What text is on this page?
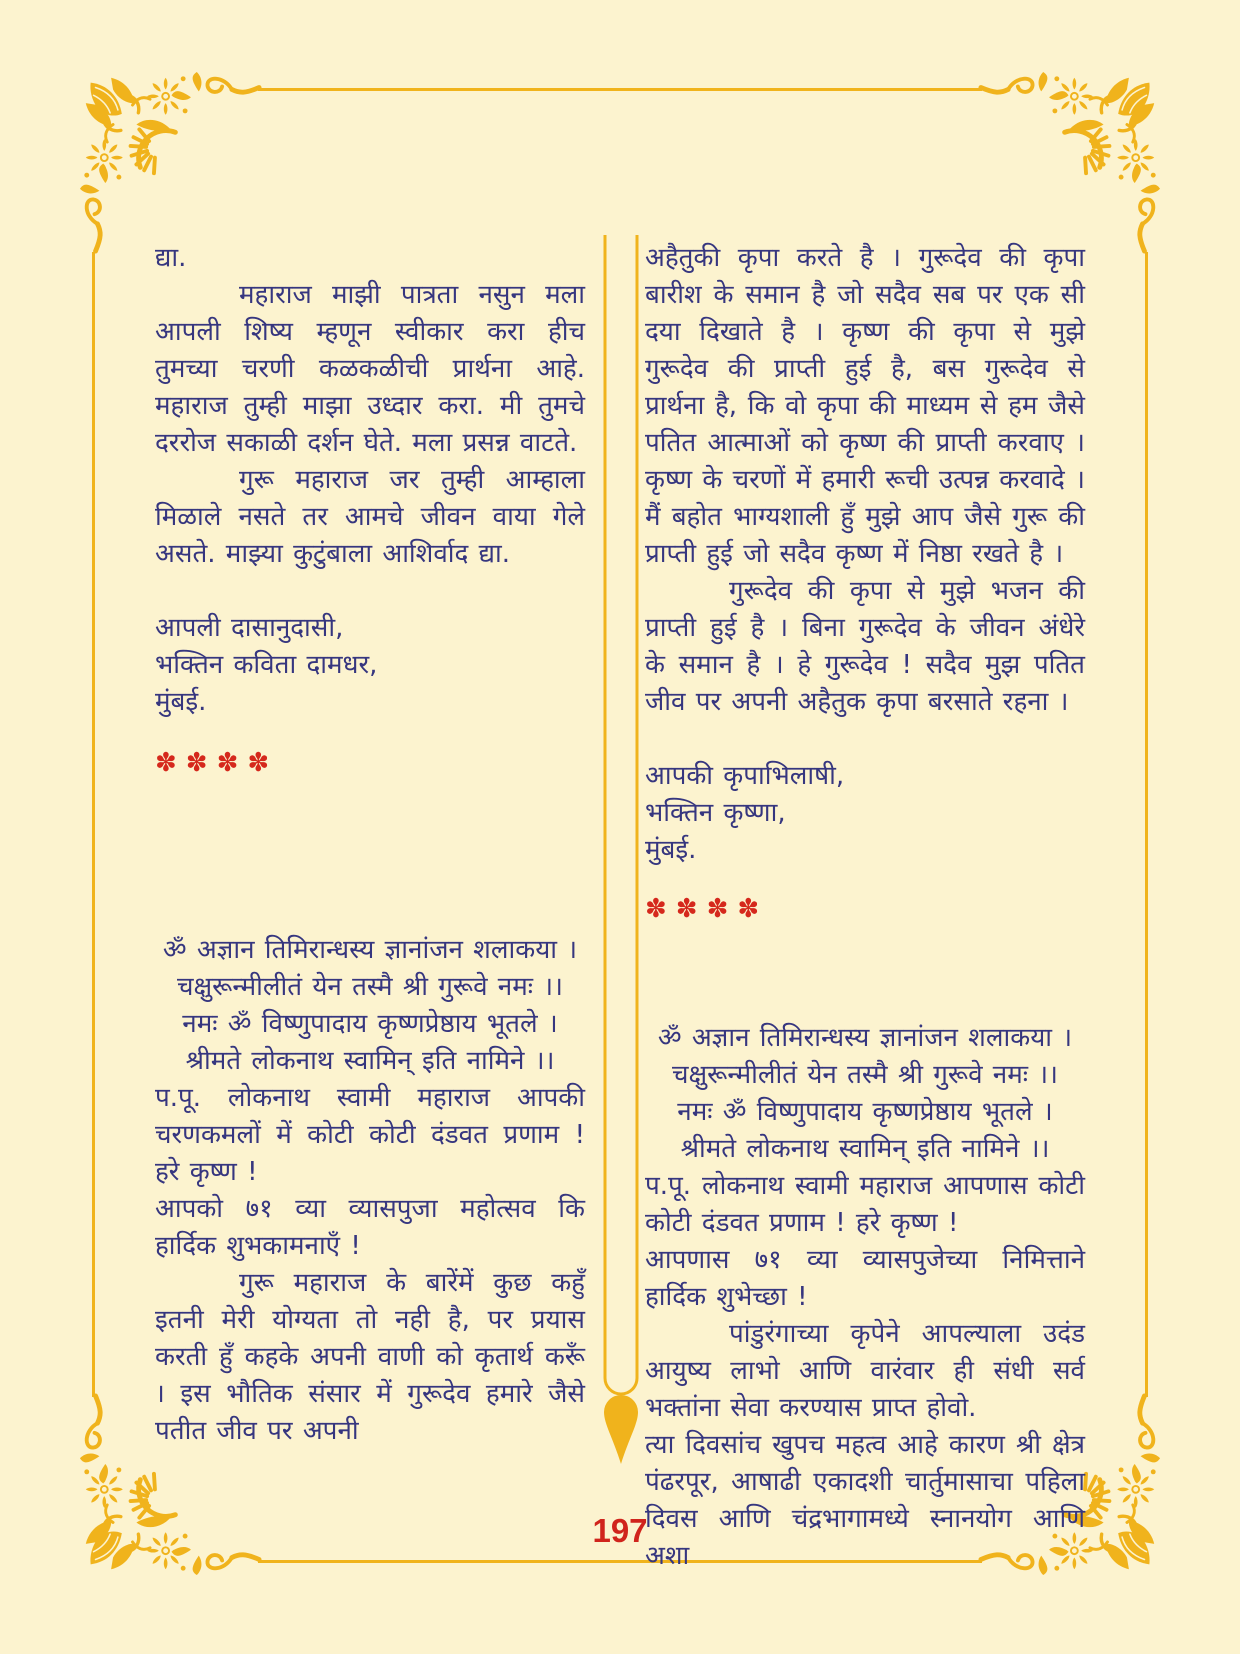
द्या.

महाराज माझी पात्रता नसुन मला आपली शिष्य म्हणून स्वीकार करा हीच तुमच्या चरणी कळकळीची प्रार्थना आहे. महाराज तुम्ही माझा उध्दार करा. मी तुमचे दररोज सकाळी दर्शन घेते. मला प्रसन्न वाटते.

गुरू महाराज जर तुम्ही आम्हाला मिळाले नसते तर आमचे जीवन वाया गेले असते. माझ्या कुटुंबाला आशिर्वाद द्या.

आपली दासानुदासी,
भक्तिन कविता दामधर,
मुंबई.
✽✽✽✽
ॐ अज्ञान तिमिरान्धस्य ज्ञानांजन शलाकया ।
चक्षुरून्मीलीतं येन तस्मै श्री गुरूवे नमः ।।
नमः ॐ विष्णुपादाय कृष्णप्रेष्ठाय भूतले ।
श्रीमते लोकनाथ स्वामिन् इति नामिने ।।

प.पू. लोकनाथ स्वामी महाराज आपकी चरणकमलों में कोटी कोटी दंडवत प्रणाम ! हरे कृष्ण !

आपको ७१ व्या व्यासपुजा महोत्सव कि हार्दिक शुभकामनाएँ !

गुरू महाराज के बारेंमें कुछ कहुँ इतनी मेरी योग्यता तो नही है, पर प्रयास करती हुँ कहके अपनी वाणी को कृतार्थ करूँ । इस भौतिक संसार में गुरूदेव हमारे जैसे पतीत जीव पर अपनी

अहैतुकी कृपा करते है । गुरूदेव की कृपा बारीश के समान है जो सदैव सब पर एक सी दया दिखाते है । कृष्ण की कृपा से मुझे गुरूदेव की प्राप्ती हुई है, बस गुरूदेव से प्रार्थना है, कि वो कृपा की माध्यम से हम जैसे पतित आत्माओं को कृष्ण की प्राप्ती करवाए । कृष्ण के चरणों में हमारी रूची उत्पन्न करवादे । मैं बहोत भाग्यशाली हुँ मुझे आप जैसे गुरू की प्राप्ती हुई जो सदैव कृष्ण में निष्ठा रखते है ।

गुरूदेव की कृपा से मुझे भजन की प्राप्ती हुई है । बिना गुरूदेव के जीवन अंधेरे के समान है । हे गुरूदेव ! सदैव मुझ पतित जीव पर अपनी अहैतुक कृपा बरसाते रहना ।

आपकी कृपाभिलाषी,
भक्तिन कृष्णा,
मुंबई.
✽✽✽✽
ॐ अज्ञान तिमिरान्धस्य ज्ञानांजन शलाकया ।
चक्षुरून्मीलीतं येन तस्मै श्री गुरूवे नमः ।।
नमः ॐ विष्णुपादाय कृष्णप्रेष्ठाय भूतले ।
श्रीमते लोकनाथ स्वामिन् इति नामिने ।।

प.पू. लोकनाथ स्वामी महाराज आपणास कोटी कोटी दंडवत प्रणाम ! हरे कृष्ण !

आपणास ७१ व्या व्यासपुजेच्या निमित्ताने हार्दिक शुभेच्छा !

पांडुरंगाच्या कृपेने आपल्याला उदंड आयुष्य लाभो आणि वारंवार ही संधी सर्व भक्तांना सेवा करण्यास प्राप्त होवो.

त्या दिवसांच खुपच महत्व आहे कारण श्री क्षेत्र पंढरपूर, आषाढी एकादशी चार्तुमासाचा पहिला दिवस आणि चंद्रभागामध्ये स्नानयोग आणि अशा

197
